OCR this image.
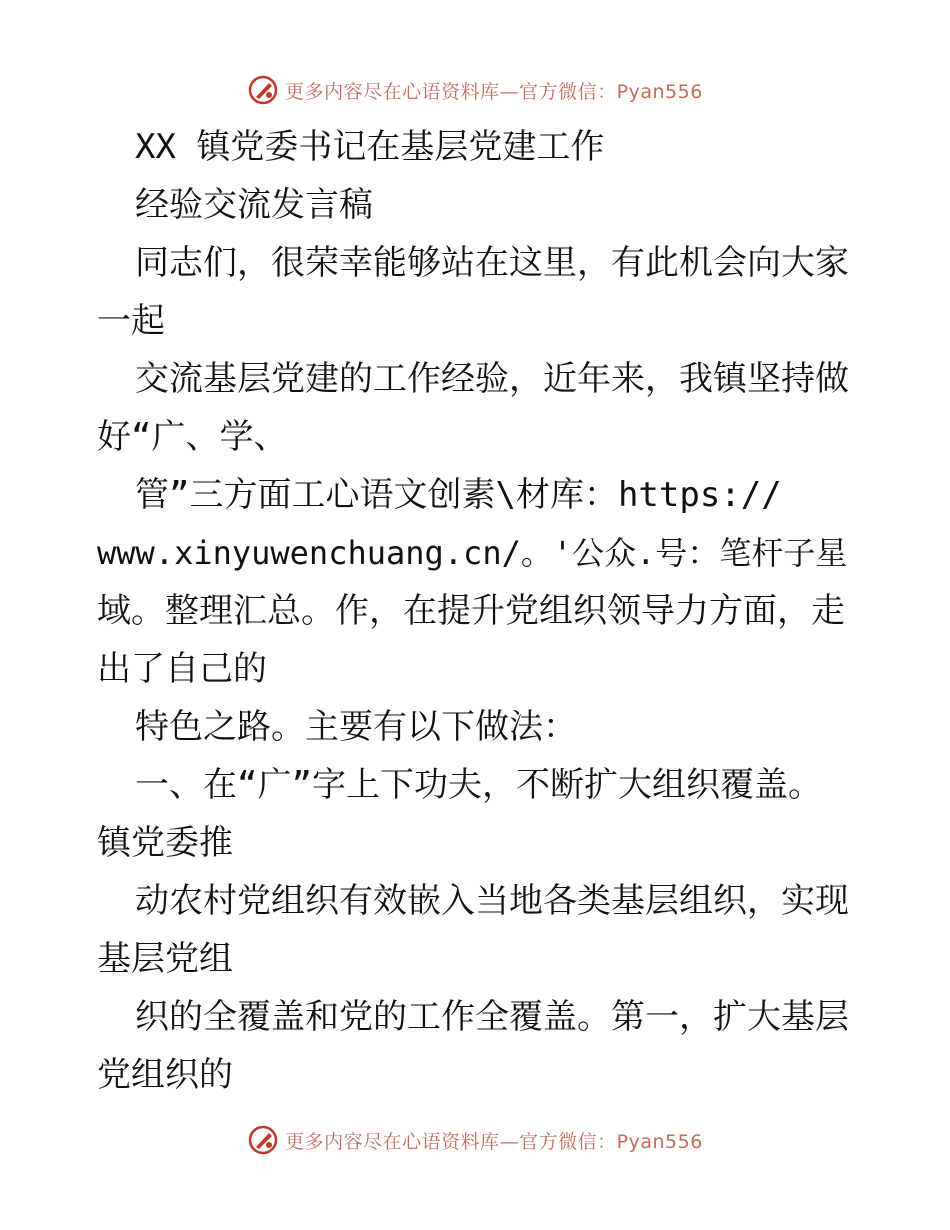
更多内容尽在心语资料库—官方微信：Pyan556
XX 镇党委书记在基层党建工作
经验交流发言稿
同志们，很荣幸能够站在这里，有此机会向大家
一起
交流基层党建的工作经验，近年来，我镇坚持做
好“广、学、
管”三方面工心语文创素\材库：https://
www.xinyuwenchuang.cn/。'公众.号：笔杆子星
域。整理汇总。作，在提升党组织领导力方面，走
出了自己的
特色之路。主要有以下做法：
一、在“广”字上下功夫，不断扩大组织覆盖。
镇党委推
动农村党组织有效嵌入当地各类基层组织，实现
基层党组
织的全覆盖和党的工作全覆盖。第一，扩大基层
党组织的
更多内容尽在心语资料库—官方微信：Pyan556
